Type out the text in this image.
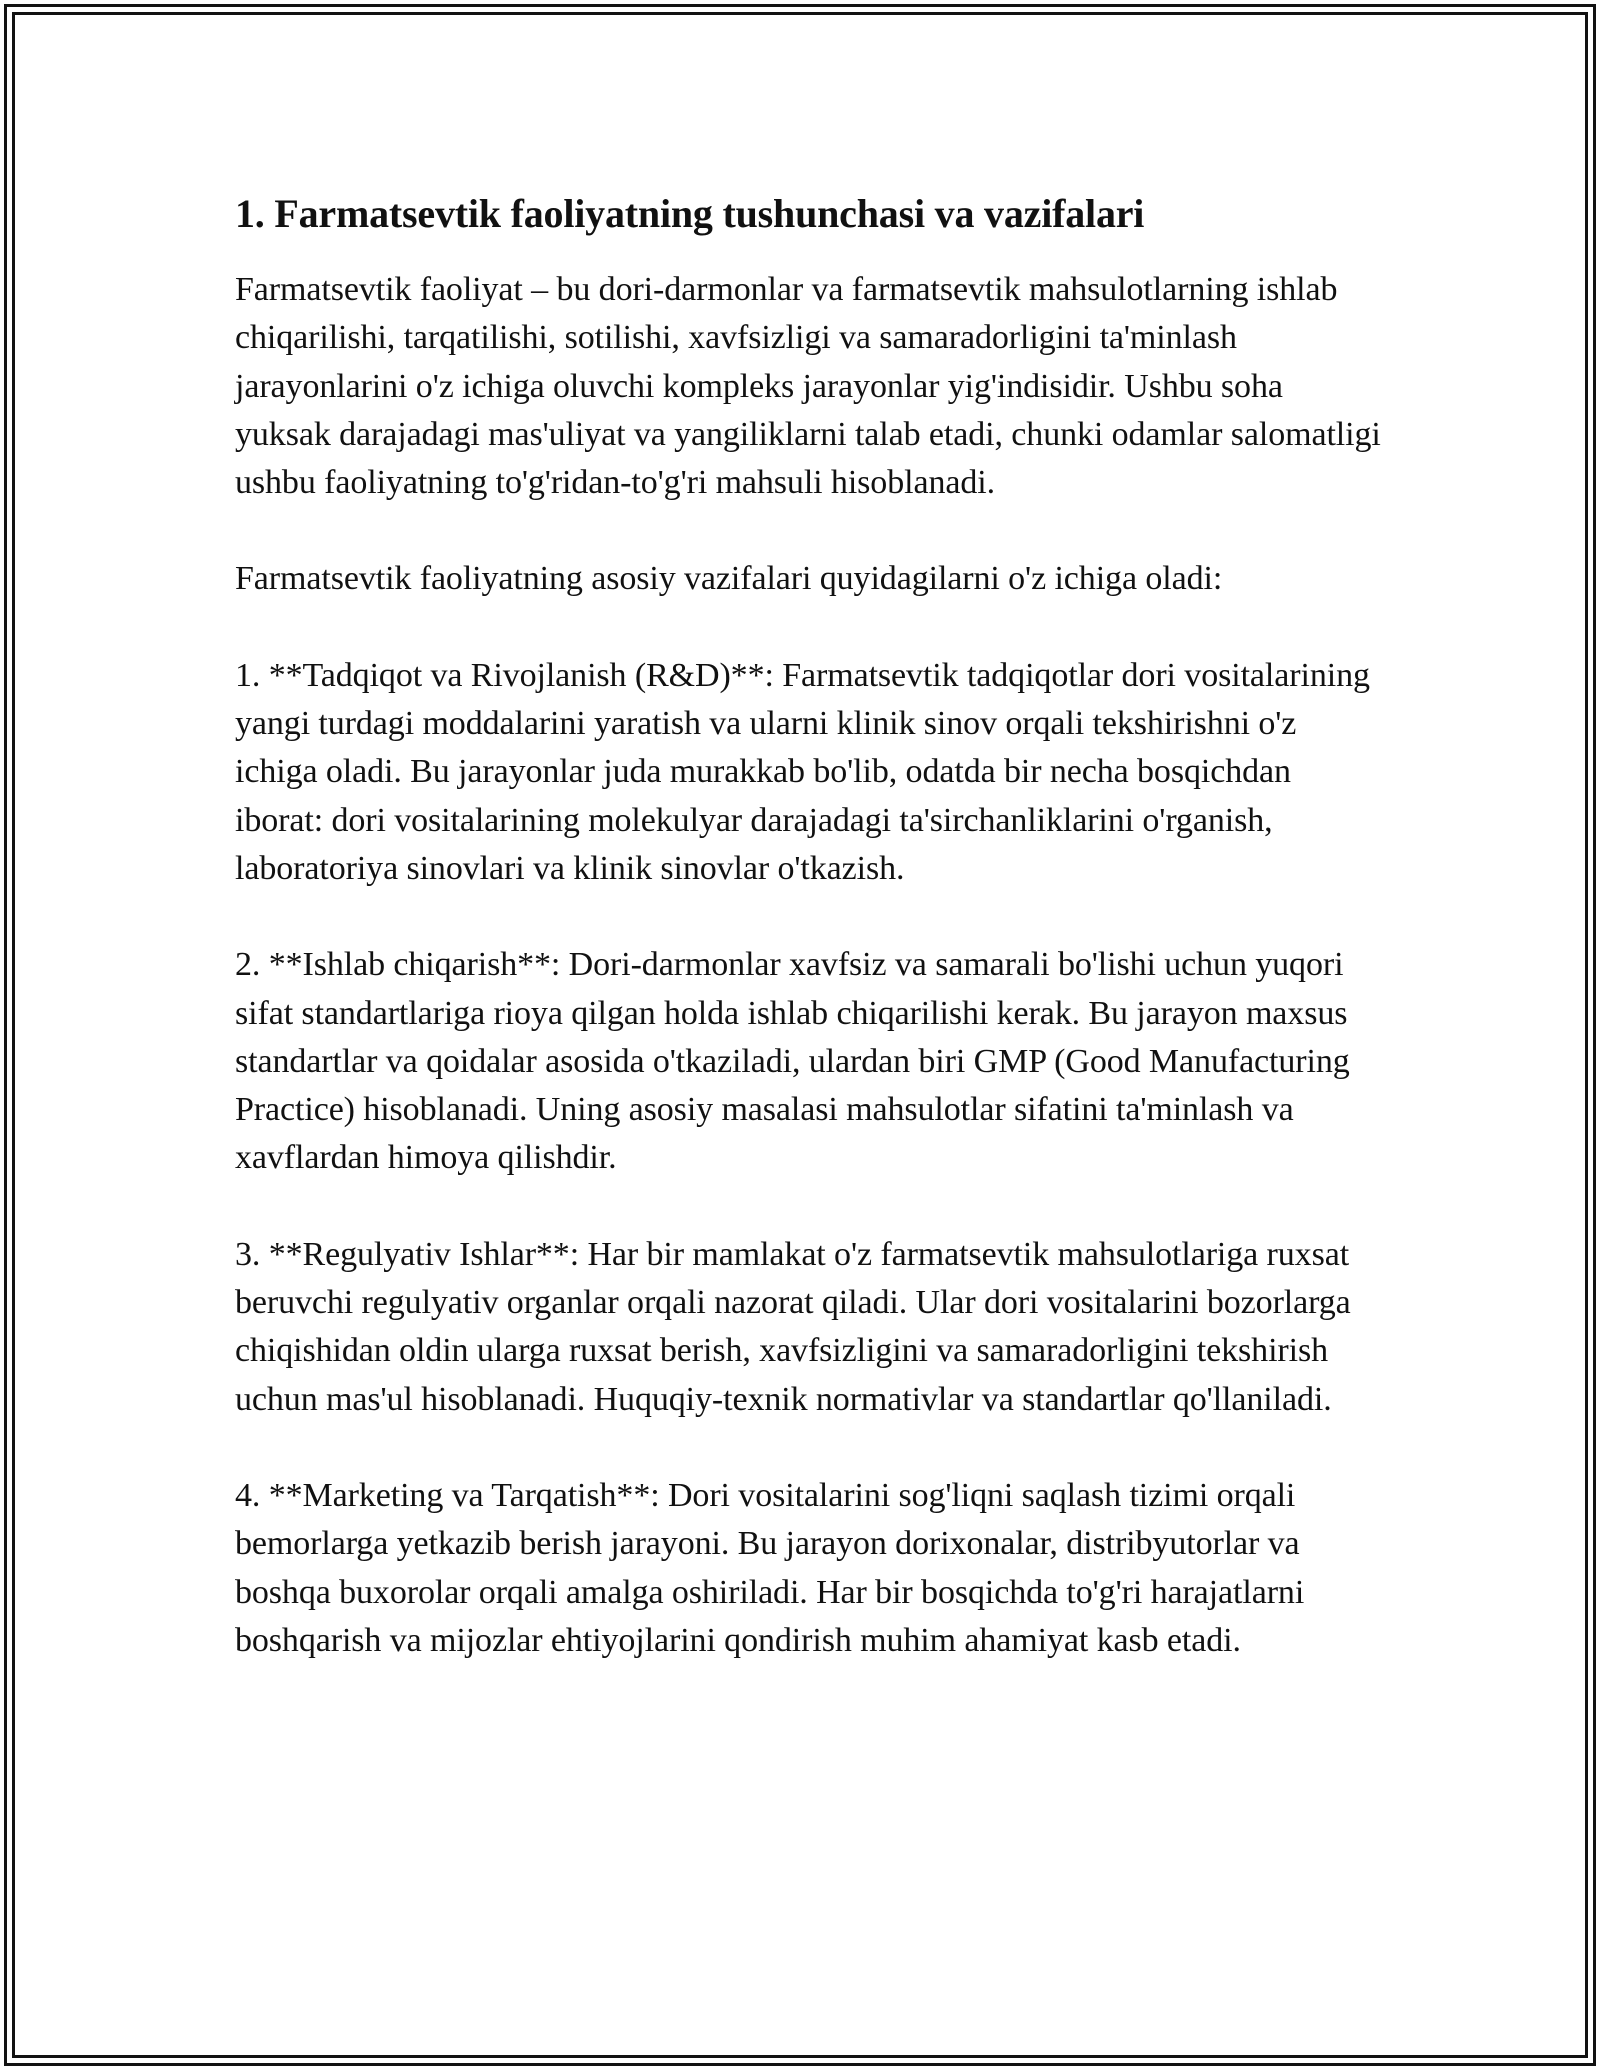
1. Farmatsevtik faoliyatning tushunchasi va vazifalari

Farmatsevtik faoliyat – bu dori-darmonlar va farmatsevtik mahsulotlarning ishlab chiqarilishi, tarqatilishi, sotilishi, xavfsizligi va samaradorligini ta'minlash jarayonlarini o'z ichiga oluvchi kompleks jarayonlar yig'indisidir. Ushbu soha yuksak darajadagi mas'uliyat va yangiliklarni talab etadi, chunki odamlar salomatligi ushbu faoliyatning to'g'ridan-to'g'ri mahsuli hisoblanadi.

Farmatsevtik faoliyatning asosiy vazifalari quyidagilarni o'z ichiga oladi:

1. **Tadqiqot va Rivojlanish (R&D)**: Farmatsevtik tadqiqotlar dori vositalarining yangi turdagi moddalarini yaratish va ularni klinik sinov orqali tekshirishni o'z ichiga oladi. Bu jarayonlar juda murakkab bo'lib, odatda bir necha bosqichdan iborat: dori vositalarining molekulyar darajadagi ta'sirchanliklarini o'rganish, laboratoriya sinovlari va klinik sinovlar o'tkazish.

2. **Ishlab chiqarish**: Dori-darmonlar xavfsiz va samarali bo'lishi uchun yuqori sifat standartlariga rioya qilgan holda ishlab chiqarilishi kerak. Bu jarayon maxsus standartlar va qoidalar asosida o'tkaziladi, ulardan biri GMP (Good Manufacturing Practice) hisoblanadi. Uning asosiy masalasi mahsulotlar sifatini ta'minlash va xavflardan himoya qilishdir.

3. **Regulyativ Ishlar**: Har bir mamlakat o'z farmatsevtik mahsulotlariga ruxsat beruvchi regulyativ organlar orqali nazorat qiladi. Ular dori vositalarini bozorlarga chiqishidan oldin ularga ruxsat berish, xavfsizligini va samaradorligini tekshirish uchun mas'ul hisoblanadi. Huquqiy-texnik normativlar va standartlar qo'llaniladi.

4. **Marketing va Tarqatish**: Dori vositalarini sog'liqni saqlash tizimi orqali bemorlarga yetkazib berish jarayoni. Bu jarayon dorixonalar, distribyutorlar va boshqa buxorolar orqali amalga oshiriladi. Har bir bosqichda to'g'ri harajatlarni boshqarish va mijozlar ehtiyojlarini qondirish muhim ahamiyat kasb etadi.
